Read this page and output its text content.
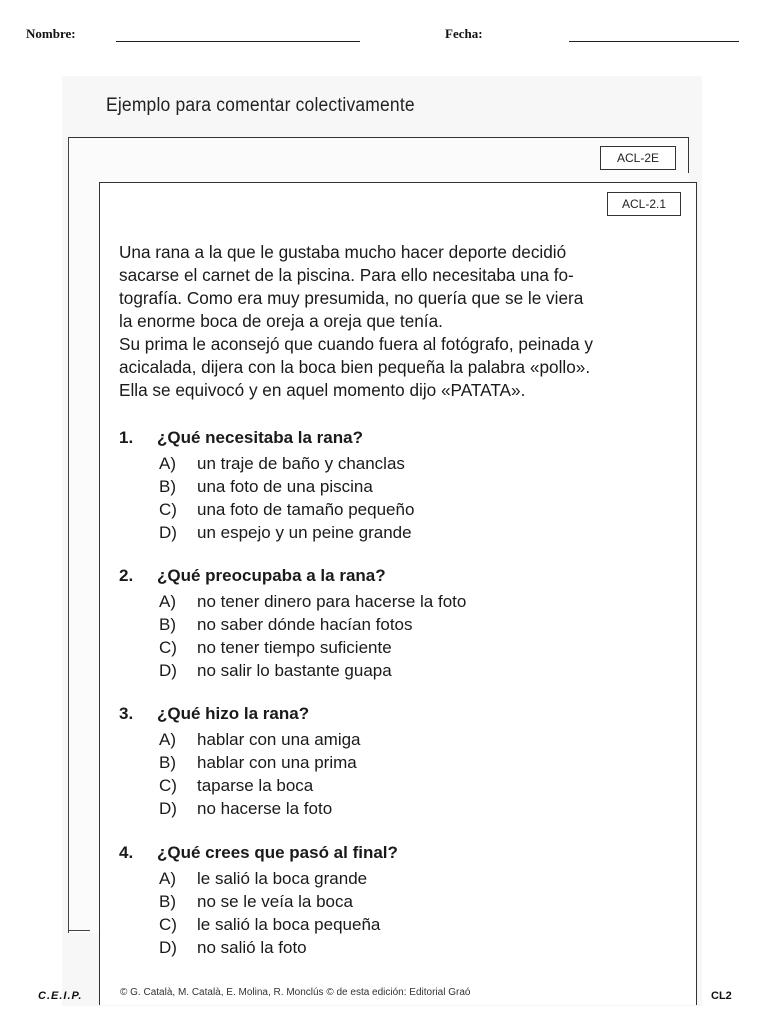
Nombre:	Fecha:
Ejemplo para comentar colectivamente
ACL-2E
ACL-2.1
Una rana a la que le gustaba mucho hacer deporte decidió
sacarse el carnet de la piscina. Para ello necesitaba una fo-
tografía. Como era muy presumida, no quería que se le viera
la enorme boca de oreja a oreja que tenía.
Su prima le aconsejó que cuando fuera al fotógrafo, peinada y
acicalada, dijera con la boca bien pequeña la palabra «pollo».
Ella se equivocó y en aquel momento dijo «PATATA».
1. ¿Qué necesitaba la rana?
A) un traje de baño y chanclas
B) una foto de una piscina
C) una foto de tamaño pequeño
D) un espejo y un peine grande
2. ¿Qué preocupaba a la rana?
A) no tener dinero para hacerse la foto
B) no saber dónde hacían fotos
C) no tener tiempo suficiente
D) no salir lo bastante guapa
3. ¿Qué hizo la rana?
A) hablar con una amiga
B) hablar con una prima
C) taparse la boca
D) no hacerse la foto
4. ¿Qué crees que pasó al final?
A) le salió la boca grande
B) no se le veía la boca
C) le salió la boca pequeña
D) no salió la foto
© G. Català, M. Català, E. Molina, R. Monclús © de esta edición: Editorial Graó
C.E.I.P.	CL2
